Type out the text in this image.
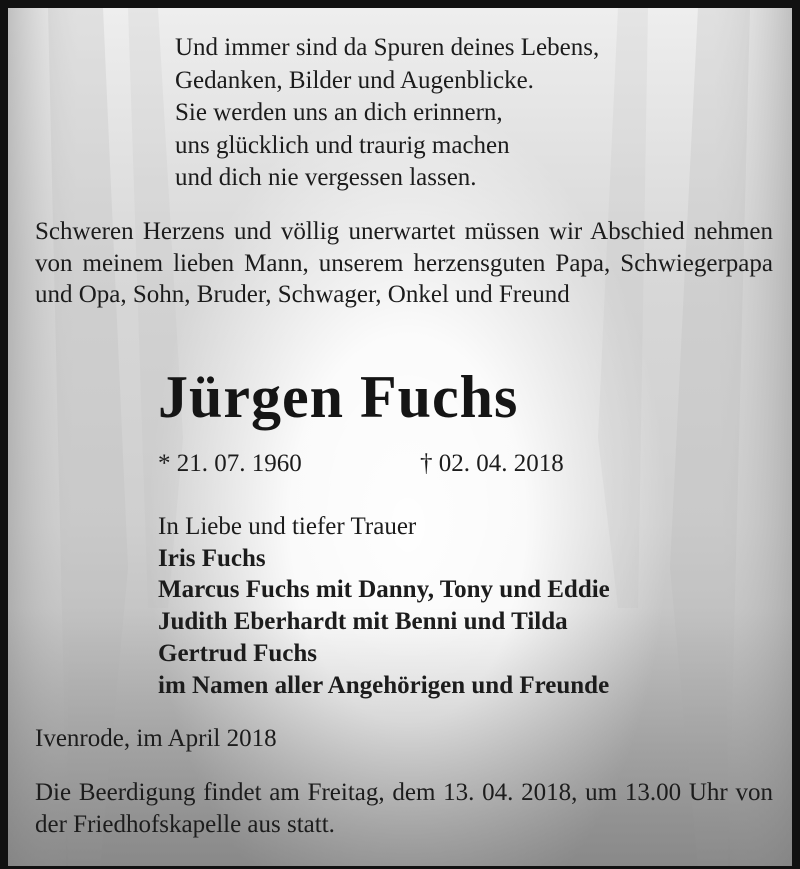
Und immer sind da Spuren deines Lebens,
Gedanken, Bilder und Augenblicke.
Sie werden uns an dich erinnern,
uns glücklich und traurig machen
und dich nie vergessen lassen.
Schweren Herzens und völlig unerwartet müssen wir Abschied nehmen von meinem lieben Mann, unserem herzensguten Papa, Schwiegerpapa und Opa, Sohn, Bruder, Schwager, Onkel und Freund
Jürgen Fuchs
* 21. 07. 1960	† 02. 04. 2018
In Liebe und tiefer Trauer
Iris Fuchs
Marcus Fuchs mit Danny, Tony und Eddie
Judith Eberhardt mit Benni und Tilda
Gertrud Fuchs
im Namen aller Angehörigen und Freunde
Ivenrode, im April 2018
Die Beerdigung findet am Freitag, dem 13. 04. 2018, um 13.00 Uhr von der Friedhofskapelle aus statt.
